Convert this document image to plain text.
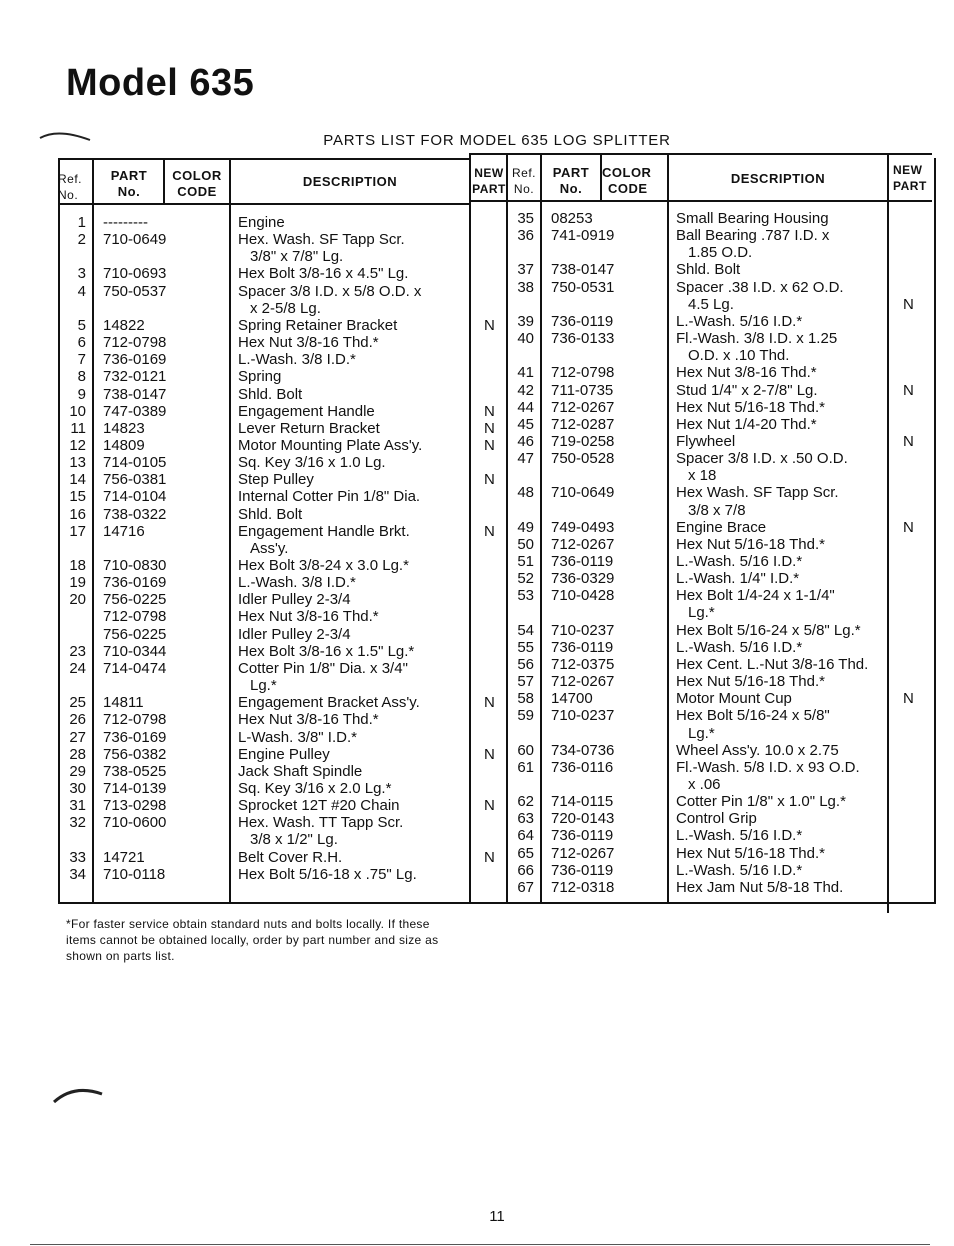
Model 635
PARTS LIST FOR MODEL 635 LOG SPLITTER
Ref.
No.
PART
No.
COLOR
CODE
DESCRIPTION
NEW
PART
Ref.
No.
PART
No.
COLOR
CODE
DESCRIPTION
NEW
PART
1 ---------	Engine
2 710-0649	Hex. Wash. SF Tapp Scr.
3/8" x 7/8" Lg.
3 710-0693	Hex Bolt 3/8-16 x 4.5" Lg.
4 750-0537	Spacer 3/8 I.D. x 5/8 O.D. x
x 2-5/8 Lg.
5 14822	Spring Retainer Bracket	N
6 712-0798	Hex Nut 3/8-16 Thd.*
7 736-0169	L.-Wash. 3/8 I.D.*
8 732-0121	Spring
9 738-0147	Shld. Bolt
10 747-0389	Engagement Handle	N
11 14823	Lever Return Bracket	N
12 14809	Motor Mounting Plate Ass'y.	N
13 714-0105	Sq. Key 3/16 x 1.0 Lg.
14 756-0381	Step Pulley	N
15 714-0104	Internal Cotter Pin 1/8" Dia.
16 738-0322	Shld. Bolt
17 14716	Engagement Handle Brkt.	N
Ass'y.
18 710-0830	Hex Bolt 3/8-24 x 3.0 Lg.*
19 736-0169	L.-Wash. 3/8 I.D.*
20 756-0225	Idler Pulley 2-3/4
712-0798	Hex Nut 3/8-16 Thd.*
756-0225	Idler Pulley 2-3/4
23 710-0344	Hex Bolt 3/8-16 x 1.5" Lg.*
24 714-0474	Cotter Pin 1/8" Dia. x 3/4"
Lg.*
25 14811	Engagement Bracket Ass'y.	N
26 712-0798	Hex Nut 3/8-16 Thd.*
27 736-0169	L-Wash. 3/8" I.D.*
28 756-0382	Engine Pulley	N
29 738-0525	Jack Shaft Spindle
30 714-0139	Sq. Key 3/16 x 2.0 Lg.*
31 713-0298	Sprocket 12T #20 Chain	N
32 710-0600	Hex. Wash. TT Tapp Scr.
3/8 x 1/2" Lg.
33 14721	Belt Cover R.H.	N
34 710-0118	Hex Bolt 5/16-18 x .75" Lg.
35 08253	Small Bearing Housing
36 741-0919	Ball Bearing .787 I.D. x
1.85 O.D.
37 738-0147	Shld. Bolt
38 750-0531	Spacer .38 I.D. x 62 O.D.
4.5 Lg.	N
39 736-0119	L.-Wash. 5/16 I.D.*
40 736-0133	Fl.-Wash. 3/8 I.D. x 1.25
O.D. x .10 Thd.
41 712-0798	Hex Nut 3/8-16 Thd.*
42 711-0735	Stud 1/4" x 2-7/8" Lg.	N
44 712-0267	Hex Nut 5/16-18 Thd.*
45 712-0287	Hex Nut 1/4-20 Thd.*
46 719-0258	Flywheel	N
47 750-0528	Spacer 3/8 I.D. x .50 O.D.
x 18
48 710-0649	Hex Wash. SF Tapp Scr.
3/8 x 7/8
49 749-0493	Engine Brace	N
50 712-0267	Hex Nut 5/16-18 Thd.*
51 736-0119	L.-Wash. 5/16 I.D.*
52 736-0329	L.-Wash. 1/4" I.D.*
53 710-0428	Hex Bolt 1/4-24 x 1-1/4"
Lg.*
54 710-0237	Hex Bolt 5/16-24 x 5/8" Lg.*
55 736-0119	L.-Wash. 5/16 I.D.*
56 712-0375	Hex Cent. L.-Nut 3/8-16 Thd.
57 712-0267	Hex Nut 5/16-18 Thd.*
58 14700	Motor Mount Cup	N
59 710-0237	Hex Bolt 5/16-24 x 5/8"
Lg.*
60 734-0736	Wheel Ass'y. 10.0 x 2.75
61 736-0116	Fl.-Wash. 5/8 I.D. x 93 O.D.
x .06
62 714-0115	Cotter Pin 1/8" x 1.0" Lg.*
63 720-0143	Control Grip
64 736-0119	L.-Wash. 5/16 I.D.*
65 712-0267	Hex Nut 5/16-18 Thd.*
66 736-0119	L.-Wash. 5/16 I.D.*
67 712-0318	Hex Jam Nut 5/8-18 Thd.
*For faster service obtain standard nuts and bolts locally. If these items cannot be obtained locally, order by part number and size as shown on parts list.
11
